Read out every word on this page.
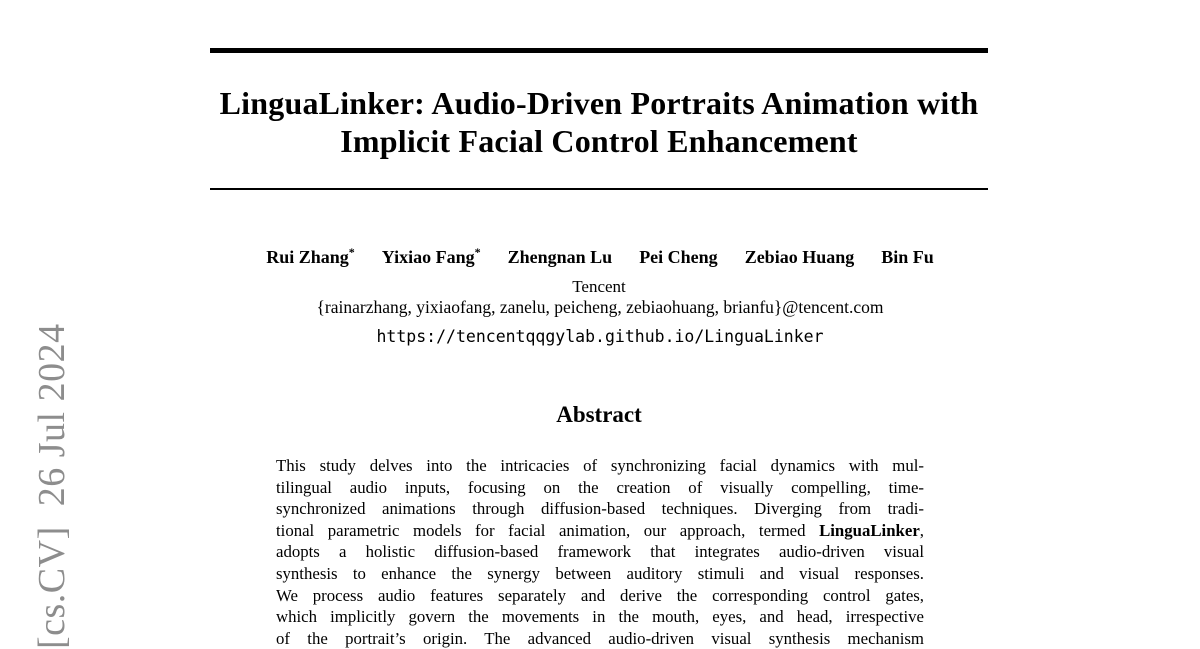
[cs.CV]  26 Jul 2024
LinguaLinker: Audio-Driven Portraits Animation with
Implicit Facial Control Enhancement
Rui Zhang* Yixiao Fang* Zhengnan Lu Pei Cheng Zebiao Huang Bin Fu
Tencent
{rainarzhang, yixiaofang, zanelu, peicheng, zebiaohuang, brianfu}@tencent.com
https://tencentqqgylab.github.io/LinguaLinker
Abstract
This study delves into the intricacies of synchronizing facial dynamics with mul-
tilingual audio inputs, focusing on the creation of visually compelling, time-
synchronized animations through diffusion-based techniques. Diverging from tradi-
tional parametric models for facial animation, our approach, termed LinguaLinker,
adopts a holistic diffusion-based framework that integrates audio-driven visual
synthesis to enhance the synergy between auditory stimuli and visual responses.
We process audio features separately and derive the corresponding control gates,
which implicitly govern the movements in the mouth, eyes, and head, irrespective
of the portrait’s origin. The advanced audio-driven visual synthesis mechanism
